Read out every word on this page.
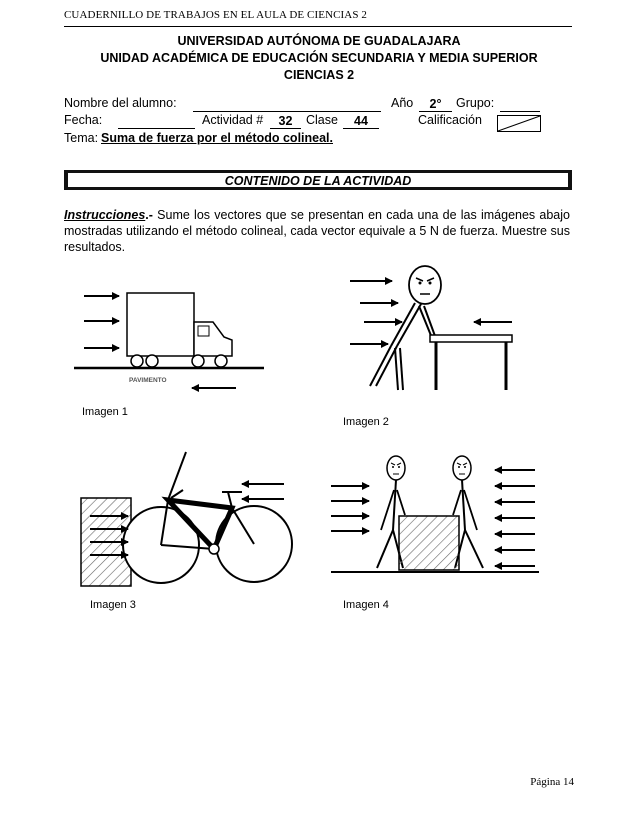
CUADERNILLO DE TRABAJOS EN EL AULA DE CIENCIAS 2
UNIVERSIDAD AUTÓNOMA DE GUADALAJARA
UNIDAD ACADÉMICA DE EDUCACIÓN SECUNDARIA Y MEDIA SUPERIOR
CIENCIAS 2
Nombre del alumno:	Año	2°	Grupo:
Fecha:	Actividad #	32	Clase	44	Calificación
Tema: Suma de fuerza por el método colineal.
CONTENIDO DE LA ACTIVIDAD
Instrucciones.- Sume los vectores que se presentan en cada una de las imágenes abajo mostradas utilizando el método colineal, cada vector equivale a 5 N de fuerza. Muestre sus resultados.
PAVIMENTO
Imagen 1
Imagen 2
Imagen 3	Imagen 4
Página 14
